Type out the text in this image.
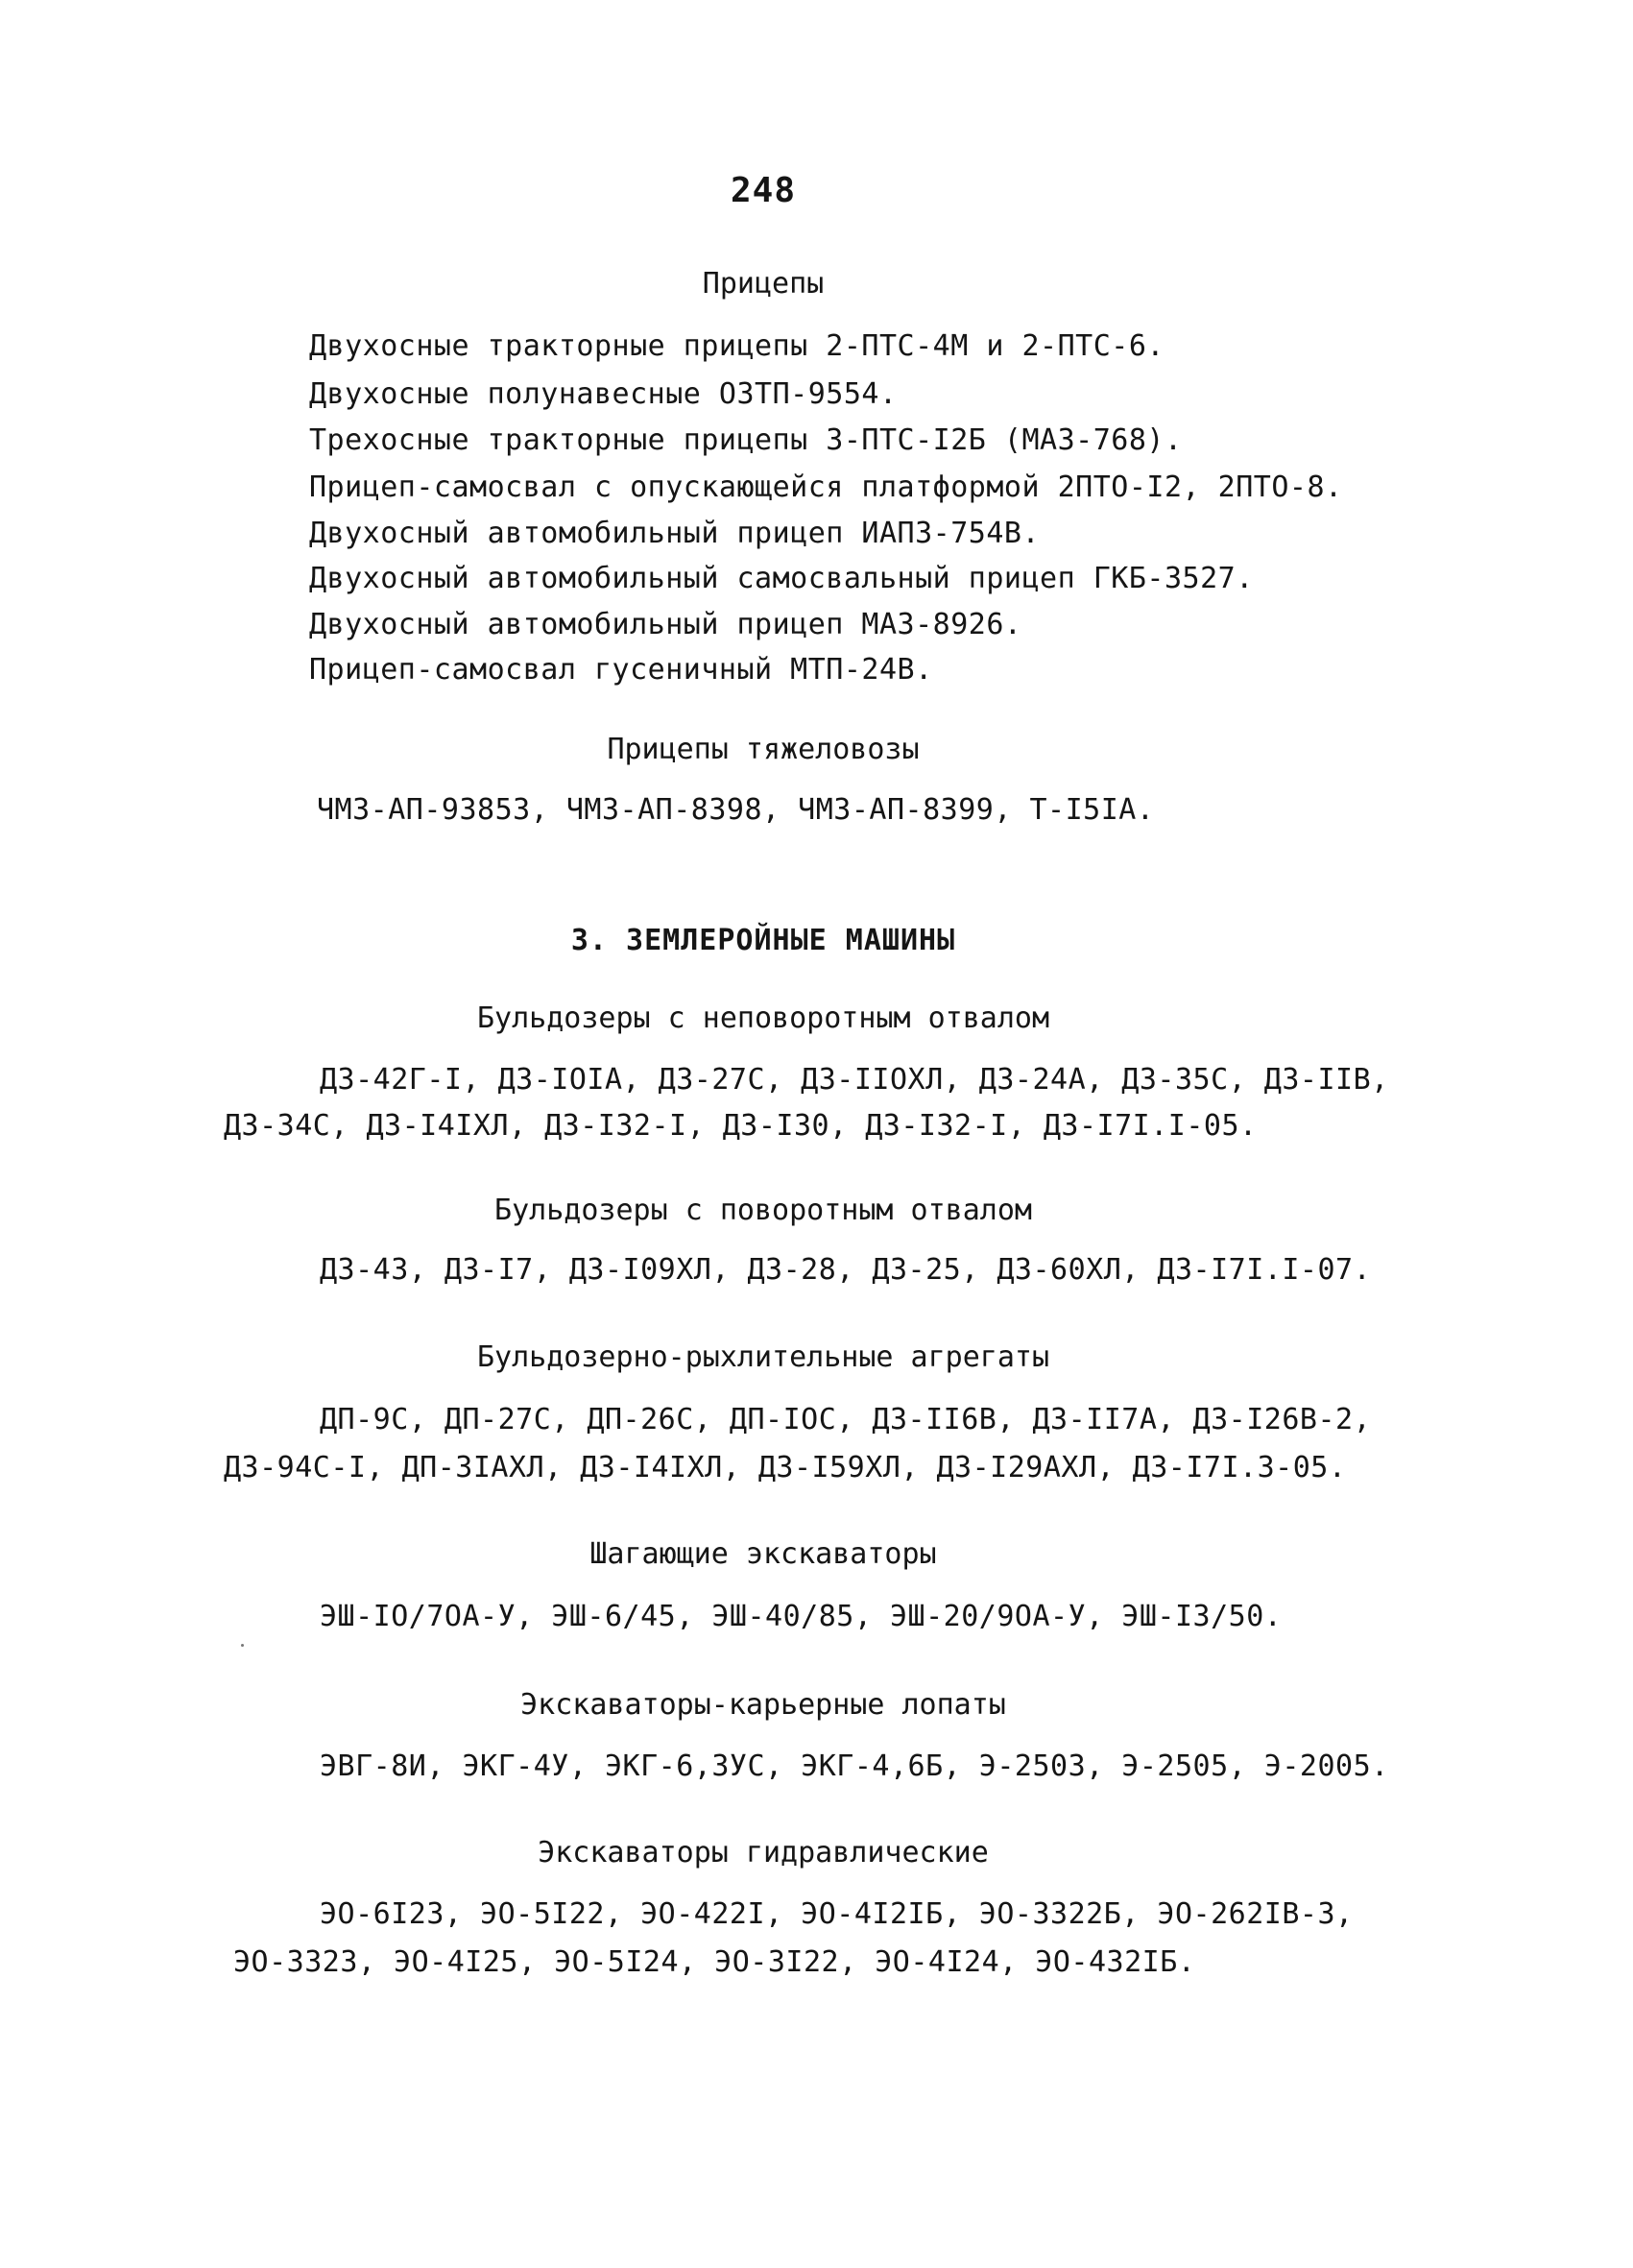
248
Прицепы
Двухосные тракторные прицепы 2-ПТС-4М и 2-ПТС-6.
Двухосные полунавесные ОЗТП-9554.
Трехосные тракторные прицепы З-ПТС-I2Б (МАЗ-768).
Прицеп-самосвал с опускающейся платформой 2ПТО-I2, 2ПТО-8.
Двухосный автомобильный прицеп ИАПЗ-754В.
Двухосный автомобильный самосвальный прицеп ГКБ-3527.
Двухосный автомобильный прицеп МАЗ-8926.
Прицеп-самосвал гусеничный МТП-24В.
Прицепы тяжеловозы
ЧМЗ-АП-93853, ЧМЗ-АП-8398, ЧМЗ-АП-8399, Т-I5IА.
3. ЗЕМЛЕРОЙНЫЕ МАШИНЫ
Бульдозеры с неповоротным отвалом
ДЗ-42Г-I, ДЗ-IOIА, ДЗ-27С, ДЗ-IIOХЛ, ДЗ-24А, ДЗ-35С, ДЗ-IIВ,
ДЗ-34С, ДЗ-I4IХЛ, ДЗ-I32-I, ДЗ-I30, ДЗ-I32-I, ДЗ-I7I.I-05.
Бульдозеры с поворотным отвалом
ДЗ-43, ДЗ-I7, ДЗ-I09ХЛ, ДЗ-28, ДЗ-25, ДЗ-60ХЛ, ДЗ-I7I.I-07.
Бульдозерно-рыхлительные агрегаты
ДП-9С, ДП-27С, ДП-26С, ДП-IOС, ДЗ-II6В, ДЗ-II7А, ДЗ-I26В-2,
ДЗ-94С-I, ДП-3IАХЛ, ДЗ-I4IХЛ, ДЗ-I59ХЛ, ДЗ-I29АХЛ, ДЗ-I7I.3-05.
Шагающие экскаваторы
ЭШ-IO/7OА-У, ЭШ-6/45, ЭШ-40/85, ЭШ-20/9OА-У, ЭШ-I3/50.
Экскаваторы-карьерные лопаты
ЭВГ-8И, ЭКГ-4У, ЭКГ-6,3УС, ЭКГ-4,6Б, Э-2503, Э-2505, Э-2005.
Экскаваторы гидравлические
ЭО-6I23, ЭО-5I22, ЭО-422I, ЭО-4I2IБ, ЭО-3322Б, ЭО-262IВ-3,
ЭО-3323, ЭО-4I25, ЭО-5I24, ЭО-3I22, ЭО-4I24, ЭО-432IБ.
